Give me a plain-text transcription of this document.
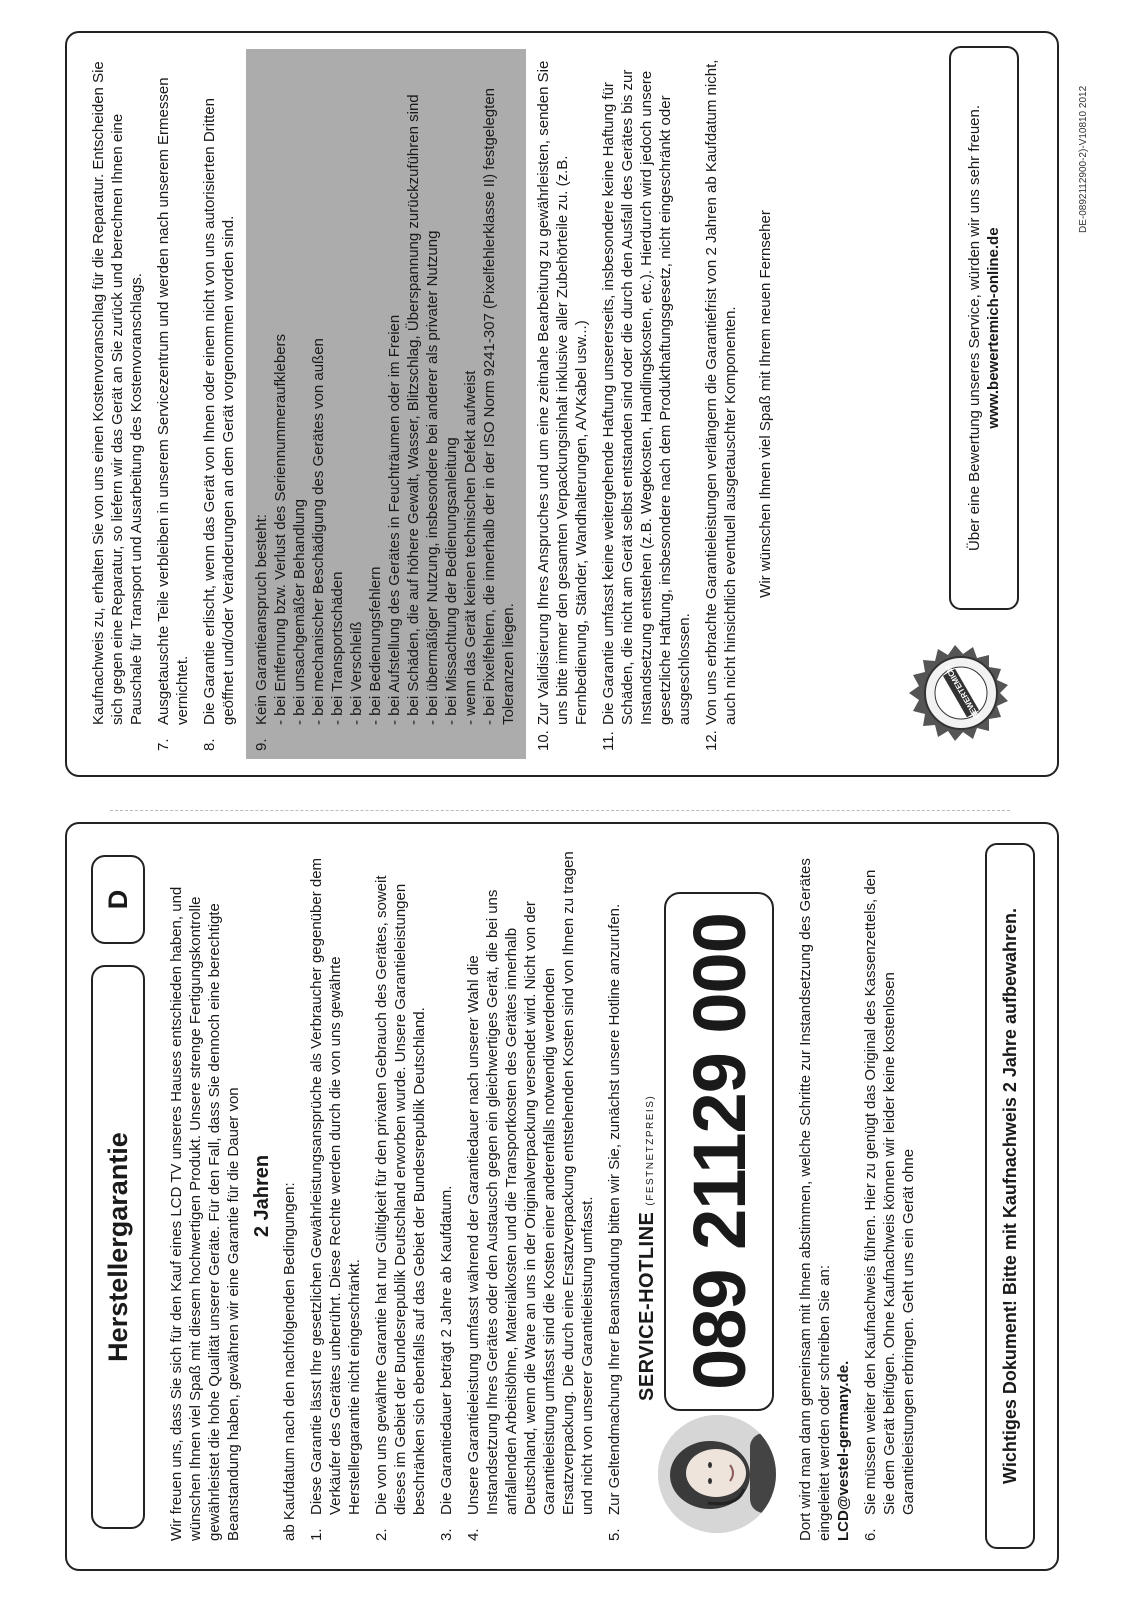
Herstellergarantie
D	Wir freuen uns, dass Sie sich für den Kauf eines LCD TV unseres Hauses entschieden haben, und wünschen Ihnen viel Spaß mit diesem hochwertigen Produkt. Unsere strenge Fertigungskontrolle gewährleistet die hohe Qualität unserer Geräte. Für den Fall, dass Sie dennoch eine berechtigte Beanstandung haben, gewähren wir eine Garantie für die Dauer von 2 Jahren ab Kaufdatum nach den nachfolgenden Bedingungen: 1.
Diese Garantie lässt Ihre gesetzlichen Gewährleistungsansprüche als Verbraucher gegenüber dem Verkäufer des Gerätes unberührt. Diese Rechte werden durch die von uns gewährte Herstellergarantie nicht eingeschränkt.
2.
Die von uns gewährte Garantie hat nur Gültigkeit für den privaten Gebrauch des Gerätes, soweit dieses im Gebiet der Bundesrepublik Deutschland erworben wurde. Unsere Garantieleistungen beschränken sich ebenfalls auf das Gebiet der Bundesrepublik Deutschland.
3.
Die Garantiedauer beträgt 2 Jahre ab Kaufdatum.
4.
Unsere Garantieleistung umfasst während der Garantiedauer nach unserer Wahl die Instandsetzung Ihres Gerätes oder den Austausch gegen ein gleichwertiges Gerät, die bei uns anfallenden Arbeitslöhne, Materialkosten und die Transportkosten des Gerätes innerhalb Deutschland, wenn die Ware an uns in der Originalverpackung versendet wird. Nicht von der Garantieleistung umfasst sind die Kosten einer anderenfalls notwendig werdenden Ersatzverpackung. Die durch eine Ersatzverpackung entstehenden Kosten sind von Ihnen zu tragen und nicht von unserer Garantieleistung umfasst.
5.
Zur Geltendmachung Ihrer Beanstandung bitten wir Sie, zunächst unsere Hotline anzurufen. SERVICE-HOTLINE(FESTNETZPREIS) 089 21129 000	Dort wird man dann gemeinsam mit Ihnen abstimmen, welche Schritte zur Instandsetzung des Gerätes eingeleitet werden oder schreiben Sie an: LCD@vestel-germany.de. 6.
Sie müssen weiter den Kaufnachweis führen. Hier zu genügt das Original des Kassenzettels, den Sie dem Gerät beifügen. Ohne Kaufnachweis können wir leider keine kostenlosen Garantieleistungen erbringen. Geht uns ein Gerät ohne	Wichtiges Dokument! Bitte mit Kaufnachweis 2 Jahre aufbewahren.

Kaufnachweis zu, erhalten Sie von uns einen Kostenvoranschlag für die Reparatur. Entscheiden Sie sich gegen eine Reparatur, so liefern wir das Gerät an Sie zurück und berechnen Ihnen eine Pauschale für Transport und Ausarbeitung des Kostenvoranschlags.

7.
Ausgetauschte Teile verbleiben in unserem Servicezentrum und werden nach unserem Ermessen vernichtet.
8.
Die Garantie erlischt, wenn das Gerät von Ihnen oder einem nicht von uns autorisierten Dritten geöffnet und/oder Veränderungen an dem Gerät vorgenommen worden sind.
9.
Kein Garantieanspruch besteht: - bei Entfernung bzw. Verlust des Seriennummeraufklebers - bei unsachgemäßer Behandlung - bei mechanischer Beschädigung des Gerätes von außen - bei Transportschäden - bei Verschleiß - bei Bedienungsfehlern - bei Aufstellung des Gerätes in Feuchträumen oder im Freien - bei Schäden, die auf höhere Gewalt, Wasser, Blitzschlag, Überspannung zurückzuführen sind - bei übermäßiger Nutzung, insbesondere bei anderer als privater Nutzung - bei Missachtung der Bedienungsanleitung - wenn das Gerät keinen technischen Defekt aufweist - bei Pixelfehlern, die innerhalb der in der ISO Norm 9241-307 (Pixelfehlerklasse II) festgelegten Toleranzen liegen.
10.
Zur Validisierung Ihres Anspruches und um eine zeitnahe Bearbeitung zu gewährleisten, senden Sie uns bitte immer den gesamten Verpackungsinhalt inklusive aller Zubehörteile zu. (z.B. Fernbedienung, Ständer, Wandhalterungen, A/VKabel usw...)
11.
Die Garantie umfasst keine weitergehende Haftung unsererseits, insbesondere keine Haftung für Schäden, die nicht am Gerät selbst entstanden sind oder die durch den Ausfall des Gerätes bis zur Instandsetzung entstehen (z.B. Wegekosten, Handlingskosten, etc.). Hierdurch wird jedoch unsere gesetzliche Haftung, insbesondere nach dem Produkthaftungsgesetz, nicht eingeschränkt oder ausgeschlossen.
12.
Von uns erbrachte Garantieleistungen verlängern die Garantiefrist von 2 Jahren ab Kaufdatum nicht, auch nicht hinsichtlich eventuell ausgetauschter Komponenten. Wir wünschen Ihnen viel Spaß mit Ihrem neuen Fernseher

BEWERTEMICH
Über eine Bewertung unseres Service, würden wir uns sehr freuen. www.bewertemich-online.de
DE-0892112900-2)-V10810 2012
